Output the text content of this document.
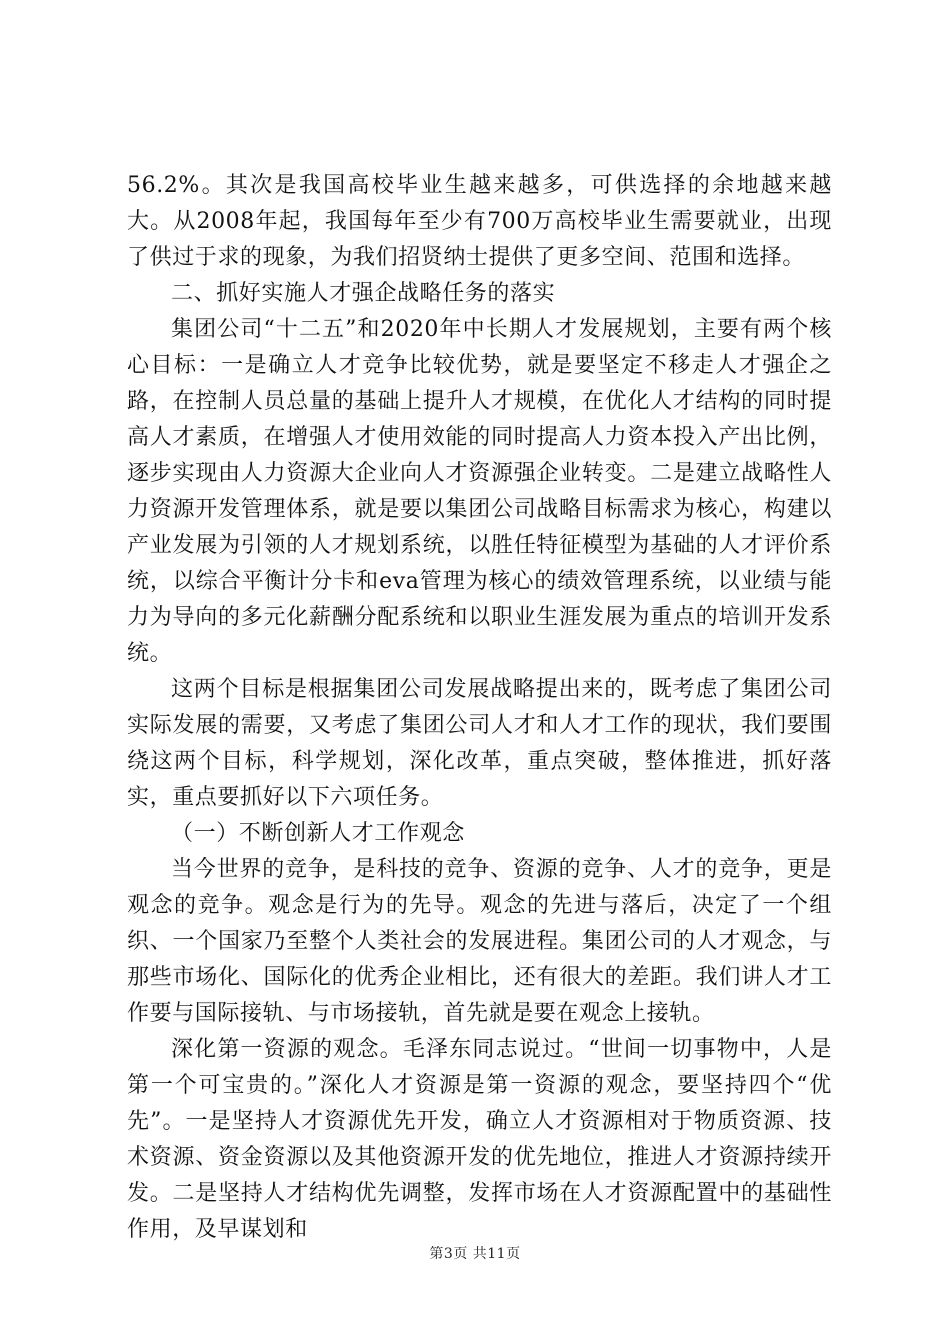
56.2%。其次是我国高校毕业生越来越多，可供选择的余地越来越大。从2008年起，我国每年至少有700万高校毕业生需要就业，出现了供过于求的现象，为我们招贤纳士提供了更多空间、范围和选择。

二、抓好实施人才强企战略任务的落实

集团公司“十二五”和2020年中长期人才发展规划，主要有两个核心目标：一是确立人才竞争比较优势，就是要坚定不移走人才强企之路，在控制人员总量的基础上提升人才规模，在优化人才结构的同时提高人才素质，在增强人才使用效能的同时提高人力资本投入产出比例，逐步实现由人力资源大企业向人才资源强企业转变。二是建立战略性人力资源开发管理体系，就是要以集团公司战略目标需求为核心，构建以产业发展为引领的人才规划系统，以胜任特征模型为基础的人才评价系统，以综合平衡计分卡和eva管理为核心的绩效管理系统，以业绩与能力为导向的多元化薪酬分配系统和以职业生涯发展为重点的培训开发系统。

这两个目标是根据集团公司发展战略提出来的，既考虑了集团公司实际发展的需要，又考虑了集团公司人才和人才工作的现状，我们要围绕这两个目标，科学规划，深化改革，重点突破，整体推进，抓好落实，重点要抓好以下六项任务。

（一）不断创新人才工作观念

当今世界的竞争，是科技的竞争、资源的竞争、人才的竞争，更是观念的竞争。观念是行为的先导。观念的先进与落后，决定了一个组织、一个国家乃至整个人类社会的发展进程。集团公司的人才观念，与那些市场化、国际化的优秀企业相比，还有很大的差距。我们讲人才工作要与国际接轨、与市场接轨，首先就是要在观念上接轨。

深化第一资源的观念。毛泽东同志说过。“世间一切事物中，人是第一个可宝贵的。”深化人才资源是第一资源的观念，要坚持四个“优先”。一是坚持人才资源优先开发，确立人才资源相对于物质资源、技术资源、资金资源以及其他资源开发的优先地位，推进人才资源持续开发。二是坚持人才结构优先调整，发挥市场在人才资源配置中的基础性作用，及早谋划和

第3页 共11页
